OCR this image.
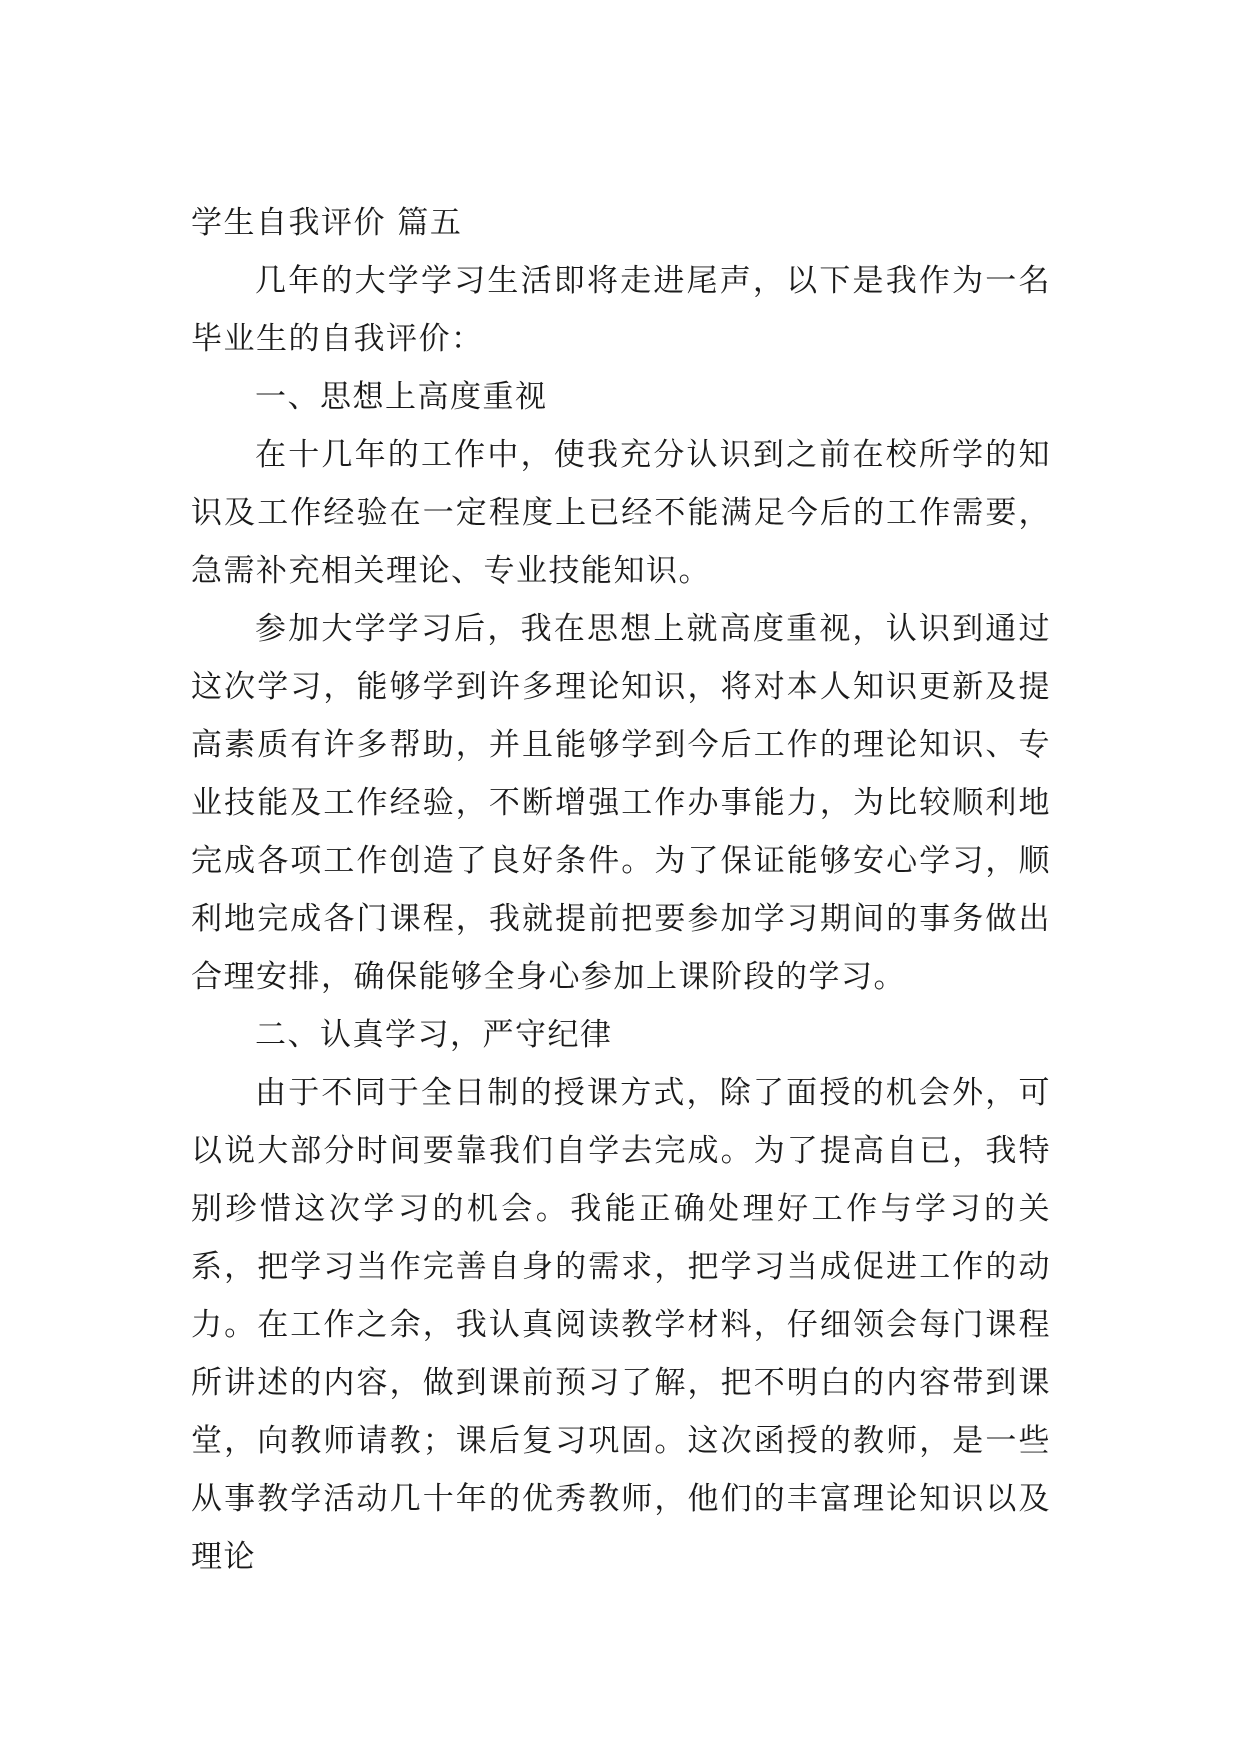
学生自我评价 篇五

几年的大学学习生活即将走进尾声，以下是我作为一名毕业生的自我评价：

一、思想上高度重视

在十几年的工作中，使我充分认识到之前在校所学的知识及工作经验在一定程度上已经不能满足今后的工作需要，急需补充相关理论、专业技能知识。

参加大学学习后，我在思想上就高度重视，认识到通过这次学习，能够学到许多理论知识，将对本人知识更新及提高素质有许多帮助，并且能够学到今后工作的理论知识、专业技能及工作经验，不断增强工作办事能力，为比较顺利地完成各项工作创造了良好条件。为了保证能够安心学习，顺利地完成各门课程，我就提前把要参加学习期间的事务做出合理安排，确保能够全身心参加上课阶段的学习。

二、认真学习，严守纪律

由于不同于全日制的授课方式，除了面授的机会外，可以说大部分时间要靠我们自学去完成。为了提高自已，我特别珍惜这次学习的机会。我能正确处理好工作与学习的关系，把学习当作完善自身的需求，把学习当成促进工作的动力。在工作之余，我认真阅读教学材料，仔细领会每门课程所讲述的内容，做到课前预习了解，把不明白的内容带到课堂，向教师请教；课后复习巩固。这次函授的教师，是一些从事教学活动几十年的优秀教师，他们的丰富理论知识以及理论
